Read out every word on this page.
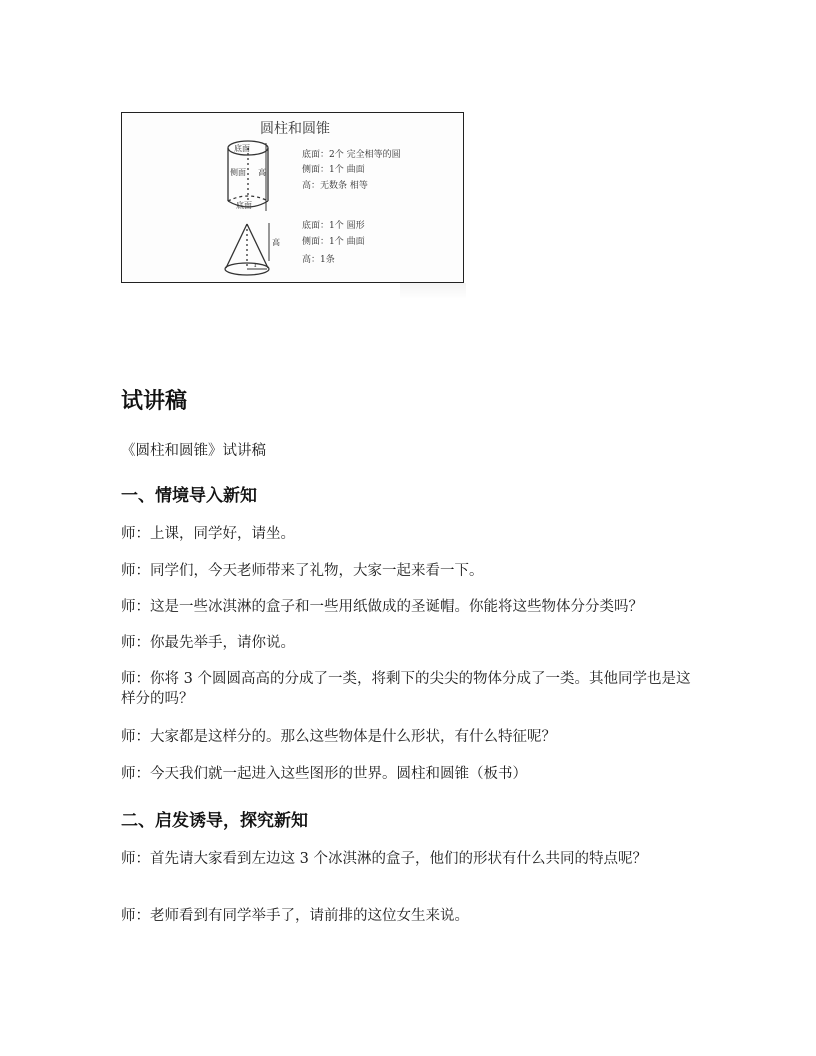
圆柱和圆锥
底面
侧面
底面
高
底面：2个 完全相等的圆
侧面：1个 曲面
高：无数条 相等
高
r
底面：1个 圆形
侧面：1个 曲面
高：1条
试讲稿

《圆柱和圆锥》试讲稿

一、情境导入新知

师：上课，同学好，请坐。

师：同学们，今天老师带来了礼物，大家一起来看一下。

师：这是一些冰淇淋的盒子和一些用纸做成的圣诞帽。你能将这些物体分分类吗？

师：你最先举手，请你说。

师：你将 3 个圆圆高高的分成了一类，将剩下的尖尖的物体分成了一类。其他同学也是这样分的吗？

师：大家都是这样分的。那么这些物体是什么形状，有什么特征呢？

师：今天我们就一起进入这些图形的世界。圆柱和圆锥（板书）

二、启发诱导，探究新知

师：首先请大家看到左边这 3 个冰淇淋的盒子，他们的形状有什么共同的特点呢？

师：老师看到有同学举手了，请前排的这位女生来说。
